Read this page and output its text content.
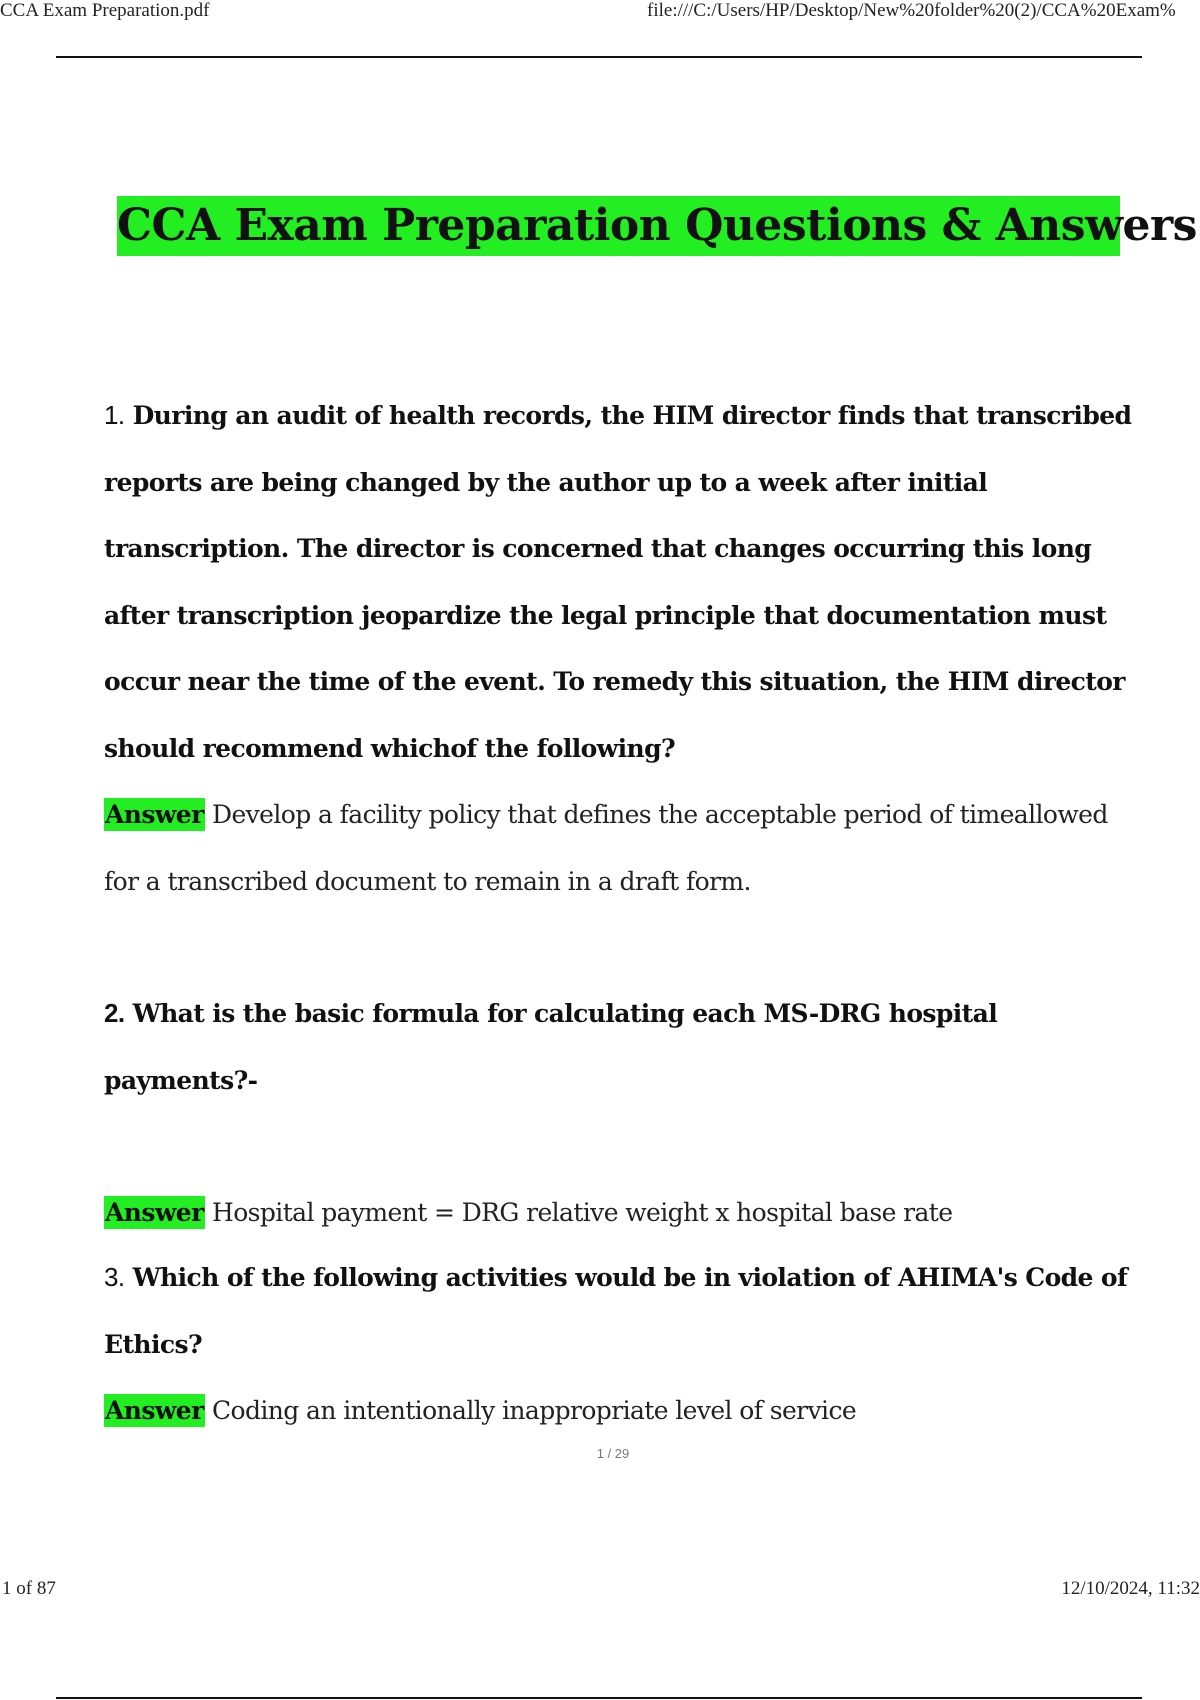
CCA Exam Preparation.pdf	file:///C:/Users/HP/Desktop/New%20folder%20(2)/CCA%20Exam%
CCA Exam Preparation Questions & Answers
1. During an audit of health records, the HIM director finds that transcribed reports are being changed by the author up to a week after initial transcription. The director is concerned that changes occurring this long after transcription jeopardize the legal principle that documentation must occur near the time of the event. To remedy this situation, the HIM director should recommend whichof the following?
Answer Develop a facility policy that defines the acceptable period of timeallowed for a transcribed document to remain in a draft form.
2. What is the basic formula for calculating each MS-DRG hospital payments?-
Answer Hospital payment = DRG relative weight x hospital base rate
3. Which of the following activities would be in violation of AHIMA's Code of Ethics?
Answer Coding an intentionally inappropriate level of service
1 / 29
1 of 87	12/10/2024, 11:32
